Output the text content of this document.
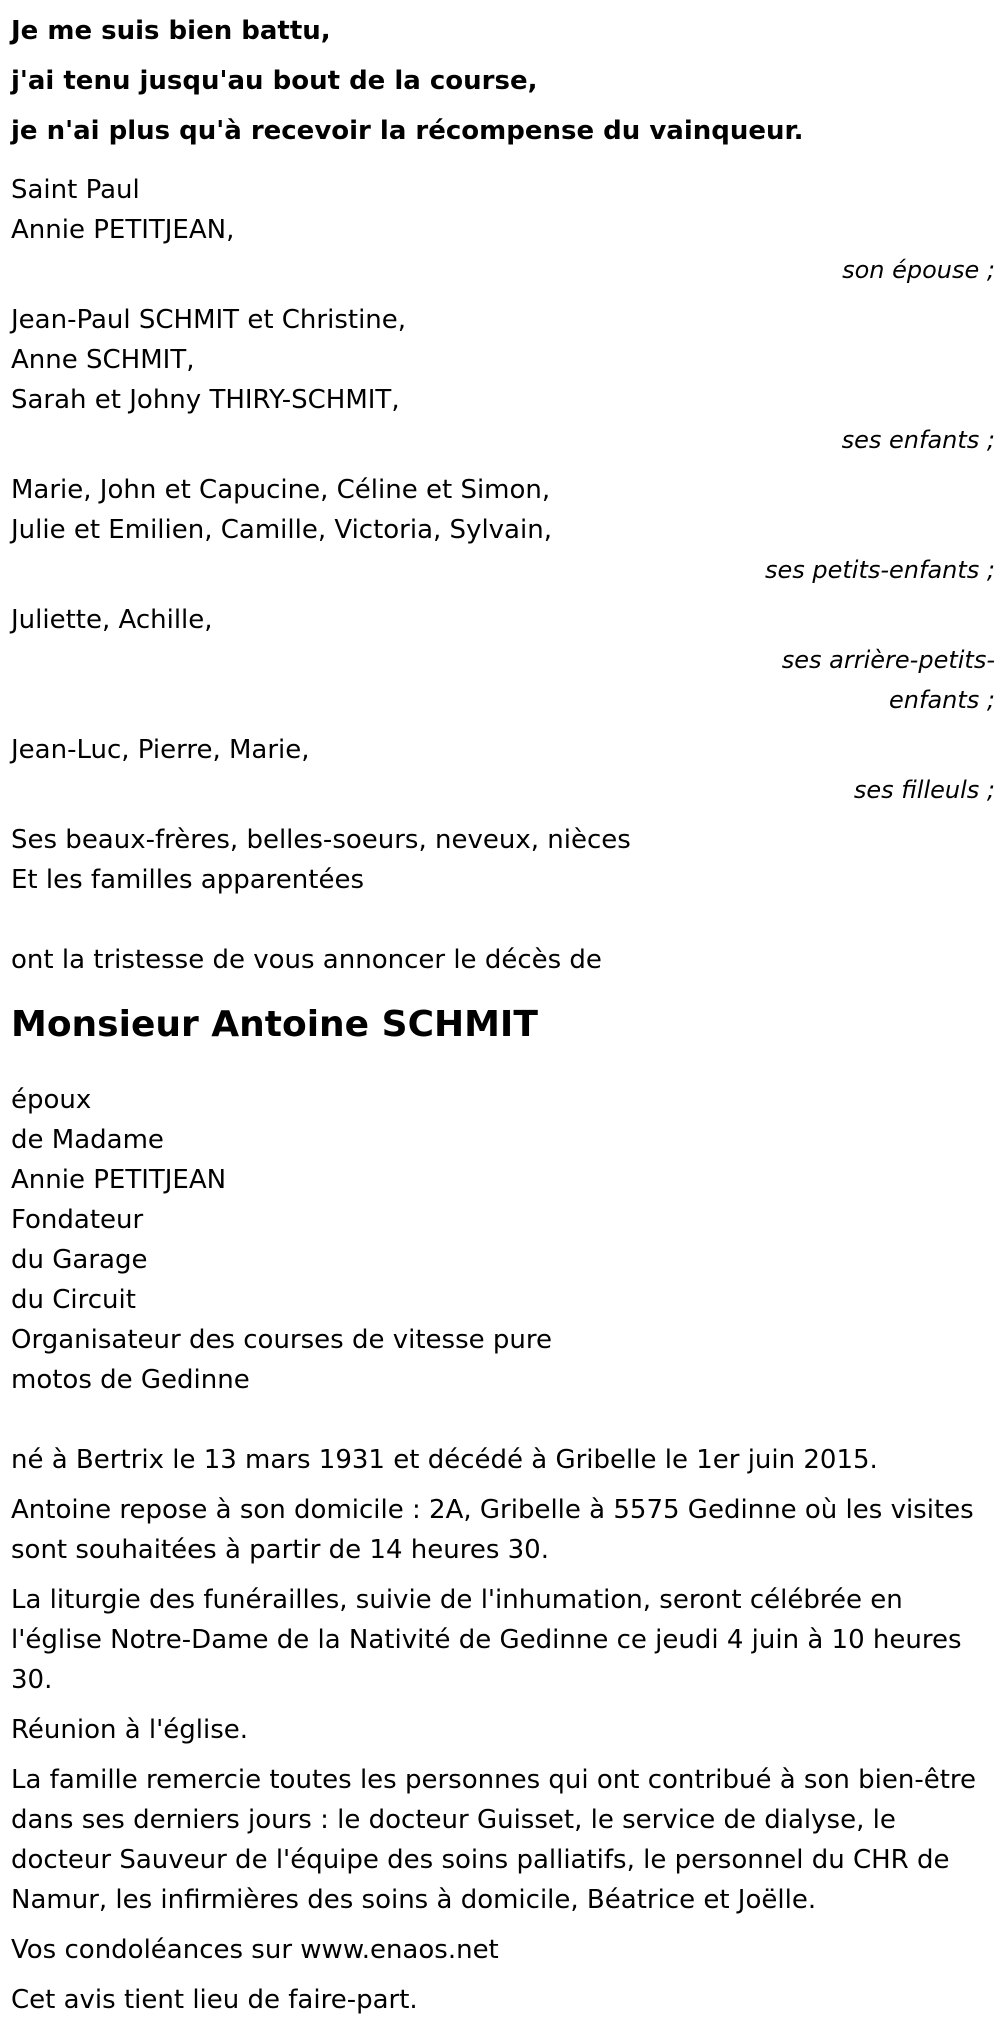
Je me suis bien battu,
j'ai tenu jusqu'au bout de la course,
je n'ai plus qu'à recevoir la récompense du vainqueur.
Saint Paul
Annie PETITJEAN,
son épouse ;
Jean-Paul SCHMIT et Christine,
Anne SCHMIT,
Sarah et Johny THIRY-SCHMIT,
ses enfants ;
Marie, John et Capucine, Céline et Simon,
Julie et Emilien, Camille, Victoria, Sylvain,
ses petits-enfants ;
Juliette, Achille,
ses arrière-petits-
enfants ;
Jean-Luc, Pierre, Marie,
ses filleuls ;
Ses beaux-frères, belles-soeurs, neveux, nièces
Et les familles apparentées
ont la tristesse de vous annoncer le décès de
Monsieur Antoine SCHMIT
époux
de Madame
Annie PETITJEAN
Fondateur
du Garage
du Circuit
Organisateur des courses de vitesse pure
motos de Gedinne
né à Bertrix le 13 mars 1931 et décédé à Gribelle le 1er juin 2015.
Antoine repose à son domicile : 2A, Gribelle à 5575 Gedinne où les visites sont souhaitées à partir de 14 heures 30.
La liturgie des funérailles, suivie de l'inhumation, seront célébrée en l'église Notre-Dame de la Nativité de Gedinne ce jeudi 4 juin à 10 heures 30.
Réunion à l'église.
La famille remercie toutes les personnes qui ont contribué à son bien-être dans ses derniers jours : le docteur Guisset, le service de dialyse, le docteur Sauveur de l'équipe des soins palliatifs, le personnel du CHR de Namur, les infirmières des soins à domicile, Béatrice et Joëlle.
Vos condoléances sur www.enaos.net
Cet avis tient lieu de faire-part.
